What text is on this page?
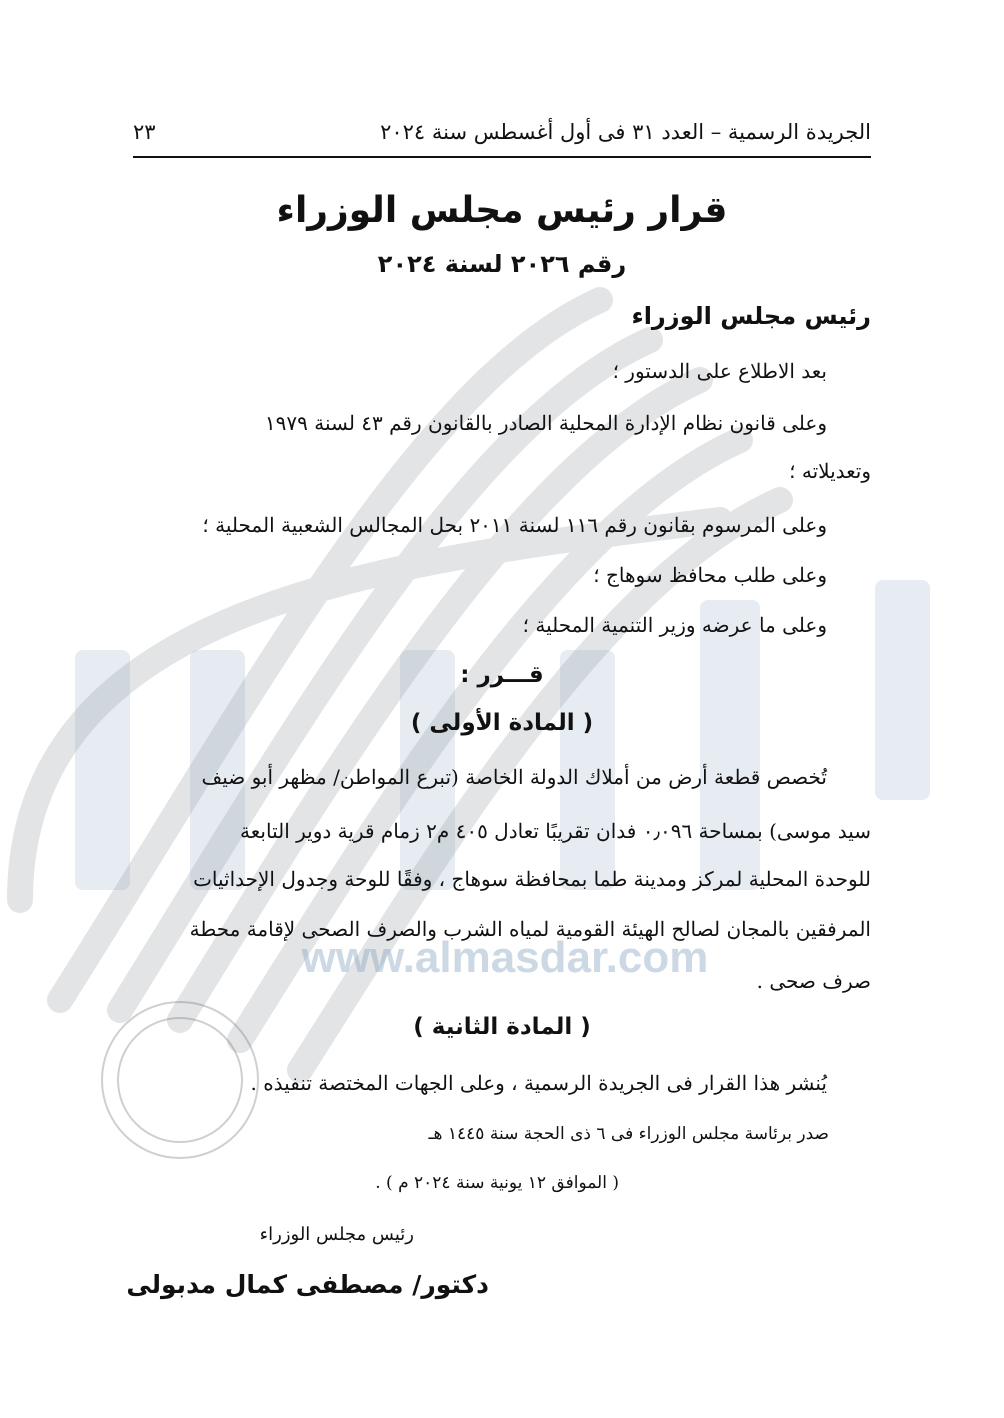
www.almasdar.com
الجريدة الرسمية – العدد ٣١ فى أول أغسطس سنة ٢٠٢٤
٢٣
قرار رئيس مجلس الوزراء
رقم ٢٠٢٦ لسنة ٢٠٢٤
رئيس مجلس الوزراء
بعد الاطلاع على الدستور ؛
وعلى قانون نظام الإدارة المحلية الصادر بالقانون رقم ٤٣ لسنة ١٩٧٩
وتعديلاته ؛
وعلى المرسوم بقانون رقم ١١٦ لسنة ٢٠١١ بحل المجالس الشعبية المحلية ؛
وعلى طلب محافظ سوهاج ؛
وعلى ما عرضه وزير التنمية المحلية ؛
قـــرر :
( المادة الأولى )
تُخصص قطعة أرض من أملاك الدولة الخاصة (تبرع المواطن/ مظهر أبو ضيف
سيد موسى) بمساحة ٠٫٠٩٦ فدان تقريبًا تعادل ٤٠٥ م٢ زمام قرية دوير التابعة
للوحدة المحلية لمركز ومدينة طما بمحافظة سوهاج ، وفقًا للوحة وجدول الإحداثيات
المرفقين بالمجان لصالح الهيئة القومية لمياه الشرب والصرف الصحى لإقامة محطة
صرف صحى .
( المادة الثانية )
يُنشر هذا القرار فى الجريدة الرسمية ، وعلى الجهات المختصة تنفيذه .
صدر برئاسة مجلس الوزراء فى ٦ ذى الحجة سنة ١٤٤٥ هـ
( الموافق ١٢ يونية سنة ٢٠٢٤ م ) .
رئيس مجلس الوزراء
دكتور/ مصطفى كمال مدبولى
